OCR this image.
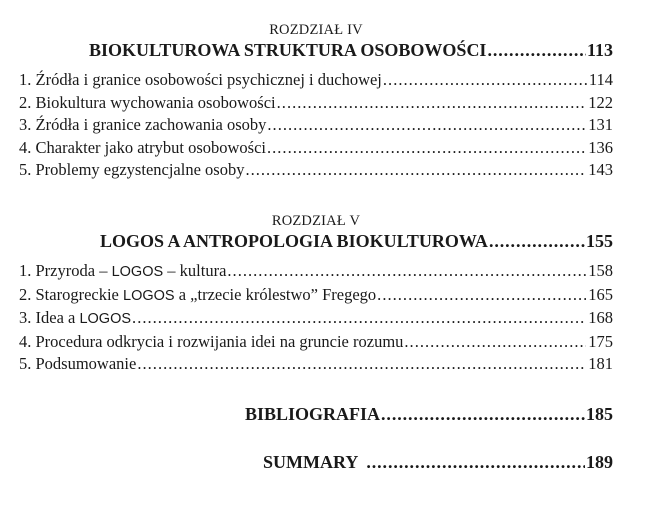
ROZDZIAŁ IV
BIOKULTUROWA STRUKTURA OSOBOWOŚCI . . .	113
1. Źródła i granice osobowości psychicznej i duchowej . . .	114
2. Biokultura wychowania osobowości . . .	122
3. Źródła i granice zachowania osoby . . .	131
4. Charakter jako atrybut osobowości . . .	136
5. Problemy egzystencjalne osoby . . .	143
ROZDZIAŁ V
LOGOS A ANTROPOLOGIA BIOKULTUROWA . . .	155
1. Przyroda – LOGOS – kultura . . .	158
2. Starogreckie LOGOS a „trzecie królestwo” Fregego . . .	165
3. Idea a LOGOS . . .	168
4. Procedura odkrycia i rozwijania idei na gruncie rozumu . . .	175
5. Podsumowanie . . .	181
BIBLIOGRAFIA . . .	185
SUMMARY . . .	189
